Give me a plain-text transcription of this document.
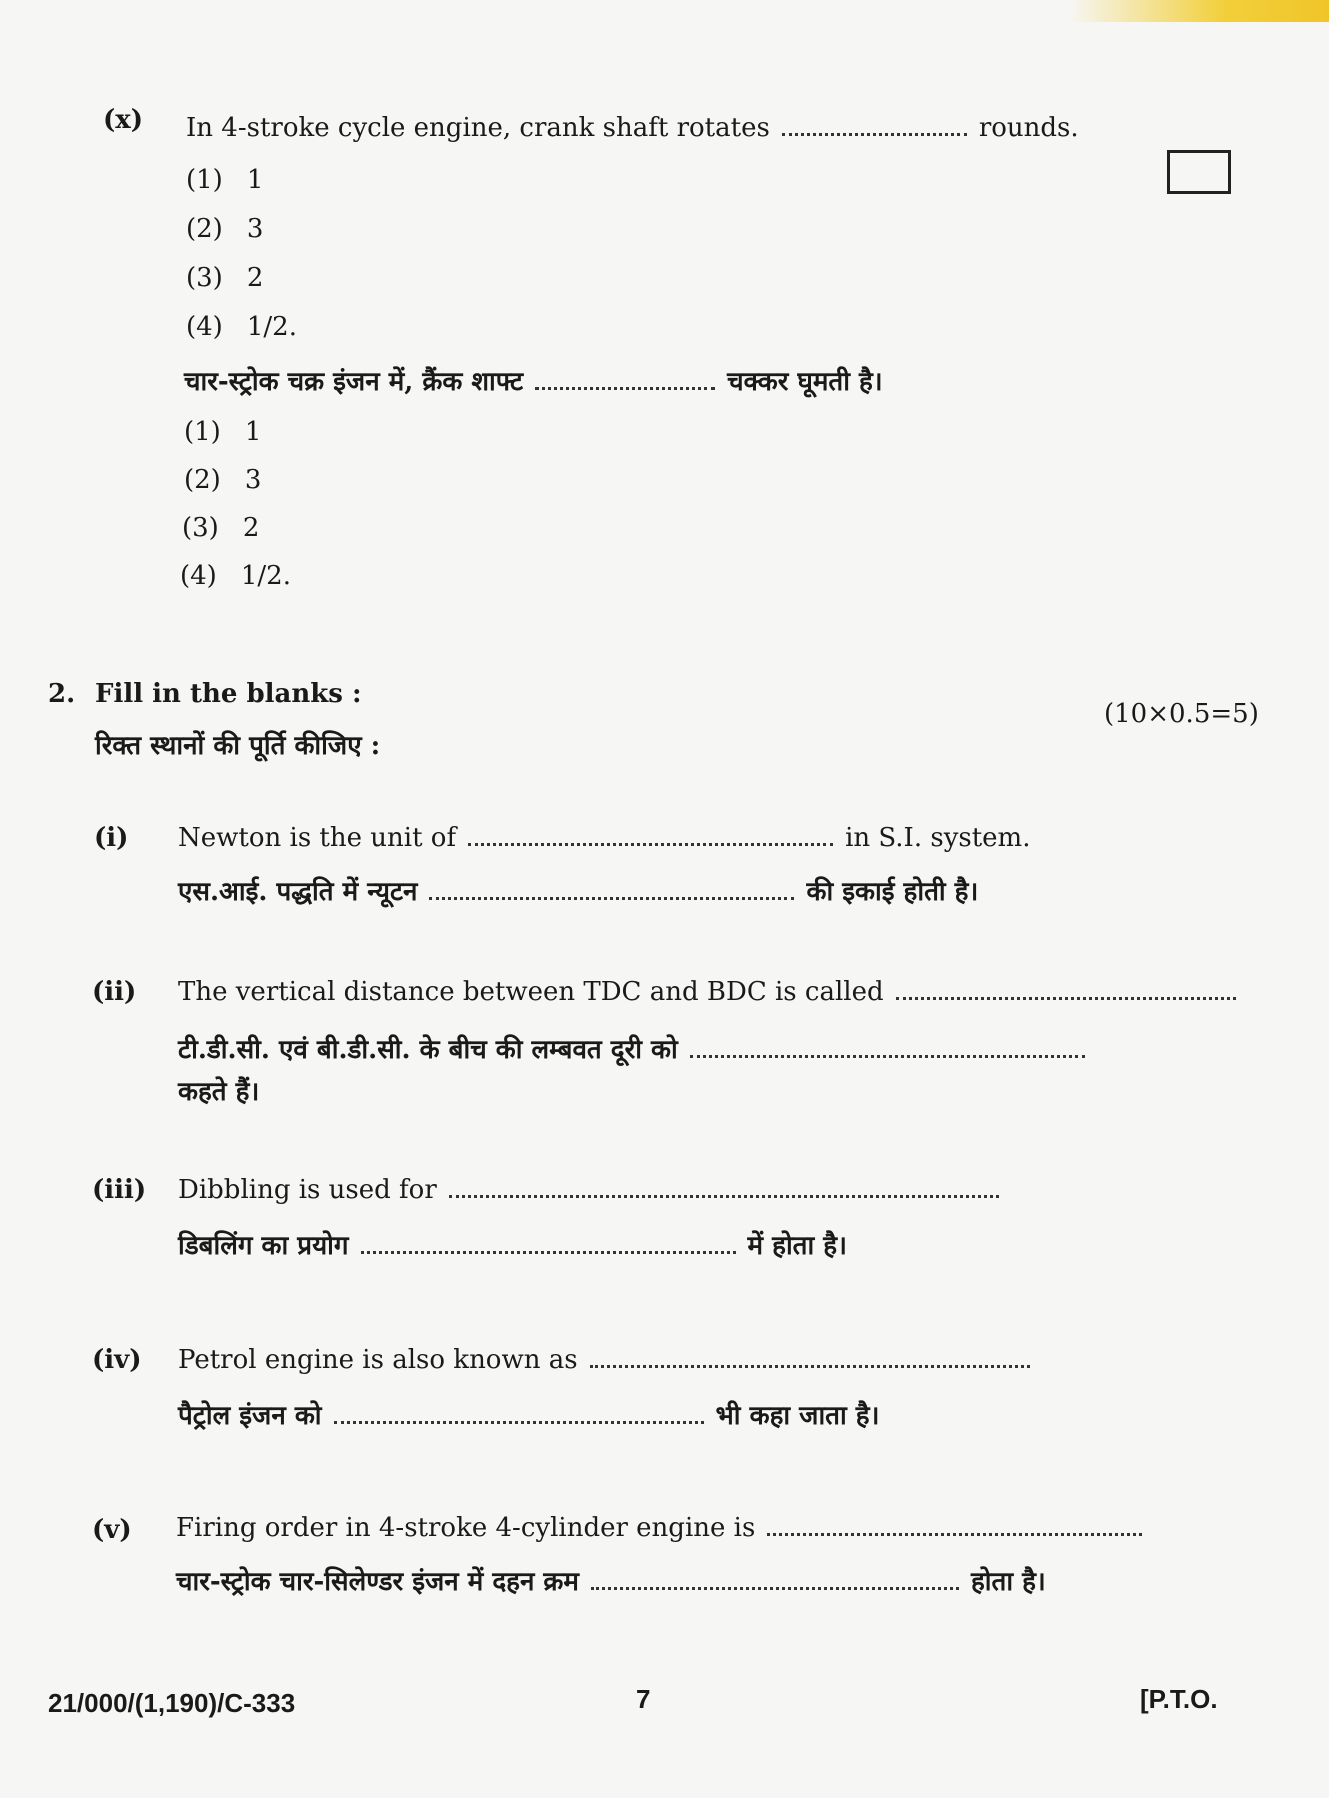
(x) In 4-stroke cycle engine, crank shaft rotates	rounds.
(1) 1
(2) 3
(3) 2
(4) 1/2.
चार-स्ट्रोक चक्र इंजन में, क्रैंक शाफ्ट	चक्कर घूमती है।
(1) 1
(2) 3
(3) 2
(4) 1/2.
2. Fill in the blanks :
(10×0.5=5)
रिक्त स्थानों की पूर्ति कीजिए :
(i) Newton is the unit of	in S.I. system.
एस.आई. पद्धति में न्यूटन	की इकाई होती है।
(ii) The vertical distance between TDC and BDC is called
टी.डी.सी. एवं बी.डी.सी. के बीच की लम्बवत दूरी को
कहते हैं।
(iii) Dibbling is used for
डिबलिंग का प्रयोग	में होता है।
(iv) Petrol engine is also known as
पैट्रोल इंजन को	भी कहा जाता है।
(v) Firing order in 4-stroke 4-cylinder engine is
चार-स्ट्रोक चार-सिलेण्डर इंजन में दहन क्रम	होता है।
21/000/(1,190)/C-333	7	[P.T.O.
